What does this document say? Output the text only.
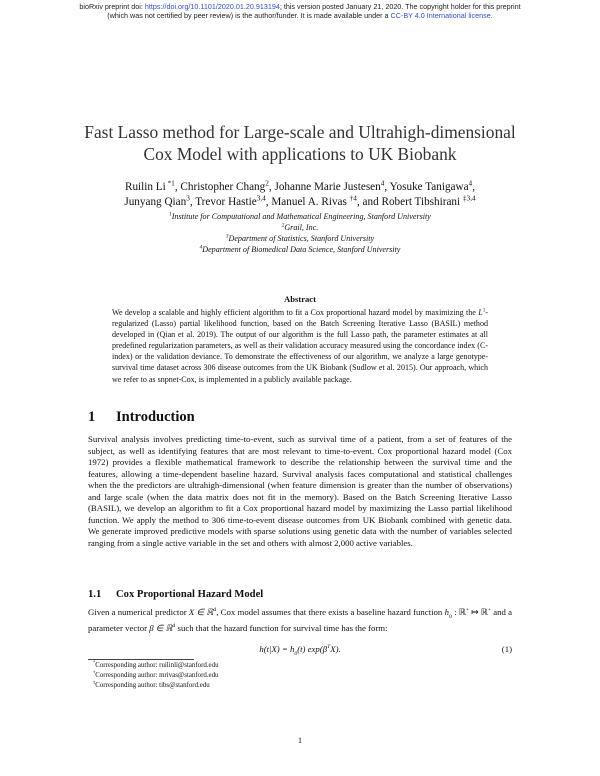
bioRxiv preprint doi: https://doi.org/10.1101/2020.01.20.913194; this version posted January 21, 2020. The copyright holder for this preprint
(which was not certified by peer review) is the author/funder. It is made available under a CC-BY 4.0 International license.
Fast Lasso method for Large-scale and Ultrahigh-dimensional
Cox Model with applications to UK Biobank
Ruilin Li $^{*1}$, Christopher Chang$^2$, Johanne Marie Justesen$^4$, Yosuke Tanigawa$^4$,
Junyang Qian$^3$, Trevor Hastie$^{3,4}$, Manuel A. Rivas $^{\dagger 4}$, and Robert Tibshirani $^{\ddagger 3,4}$
$^1$Institute for Computational and Mathematical Engineering, Stanford University
$^2$Grail, Inc.
$^3$Department of Statistics, Stanford University
$^4$Department of Biomedical Data Science, Stanford University
Abstract
We develop a scalable and highly efficient algorithm to fit a Cox proportional hazard model by maximizing the $L^1$-regularized (Lasso) partial likelihood function, based on the Batch Screening Iterative Lasso (BASIL) method developed in (Qian et al. 2019). The output of our algorithm is the full Lasso path, the parameter estimates at all predefined regularization parameters, as well as their validation accuracy measured using the concordance index (C-index) or the validation deviance. To demonstrate the effectiveness of our algorithm, we analyze a large genotype-survival time dataset across 306 disease outcomes from the UK Biobank (Sudlow et al. 2015). Our approach, which we refer to as snpnet-Cox, is implemented in a publicly available package.
1 Introduction
Survival analysis involves predicting time-to-event, such as survival time of a patient, from a set of features of the subject, as well as identifying features that are most relevant to time-to-event. Cox proportional hazard model (Cox 1972) provides a flexible mathematical framework to describe the relationship between the survival time and the features, allowing a time-dependent baseline hazard. Survival analysis faces computational and statistical challenges when the the predictors are ultrahigh-dimensional (when feature dimension is greater than the number of observations) and large scale (when the data matrix does not fit in the memory). Based on the Batch Screening Iterative Lasso (BASIL), we develop an algorithm to fit a Cox proportional hazard model by maximizing the Lasso partial likelihood function. We apply the method to 306 time-to-event disease outcomes from UK Biobank combined with genetic data. We generate improved predictive models with sparse solutions using genetic data with the number of variables selected ranging from a single active variable in the set and others with almost 2,000 active variables.
1.1 Cox Proportional Hazard Model
Given a numerical predictor X ∈ ℝ$^d$, Cox model assumes that there exists a baseline hazard function $h_0$ : ℝ+ ↦ ℝ+ and a parameter vector β ∈ ℝ$^d$ such that the hazard function for survival time has the form:
$h(t|X) = h_0(t)$ $\exp(\beta^TX)$.	(1)
*Corresponding author: ruilinli@stanford.edu
†Corresponding author: mrivas@stanford.edu
‡Corresponding author: tibs@stanford.edu
1
